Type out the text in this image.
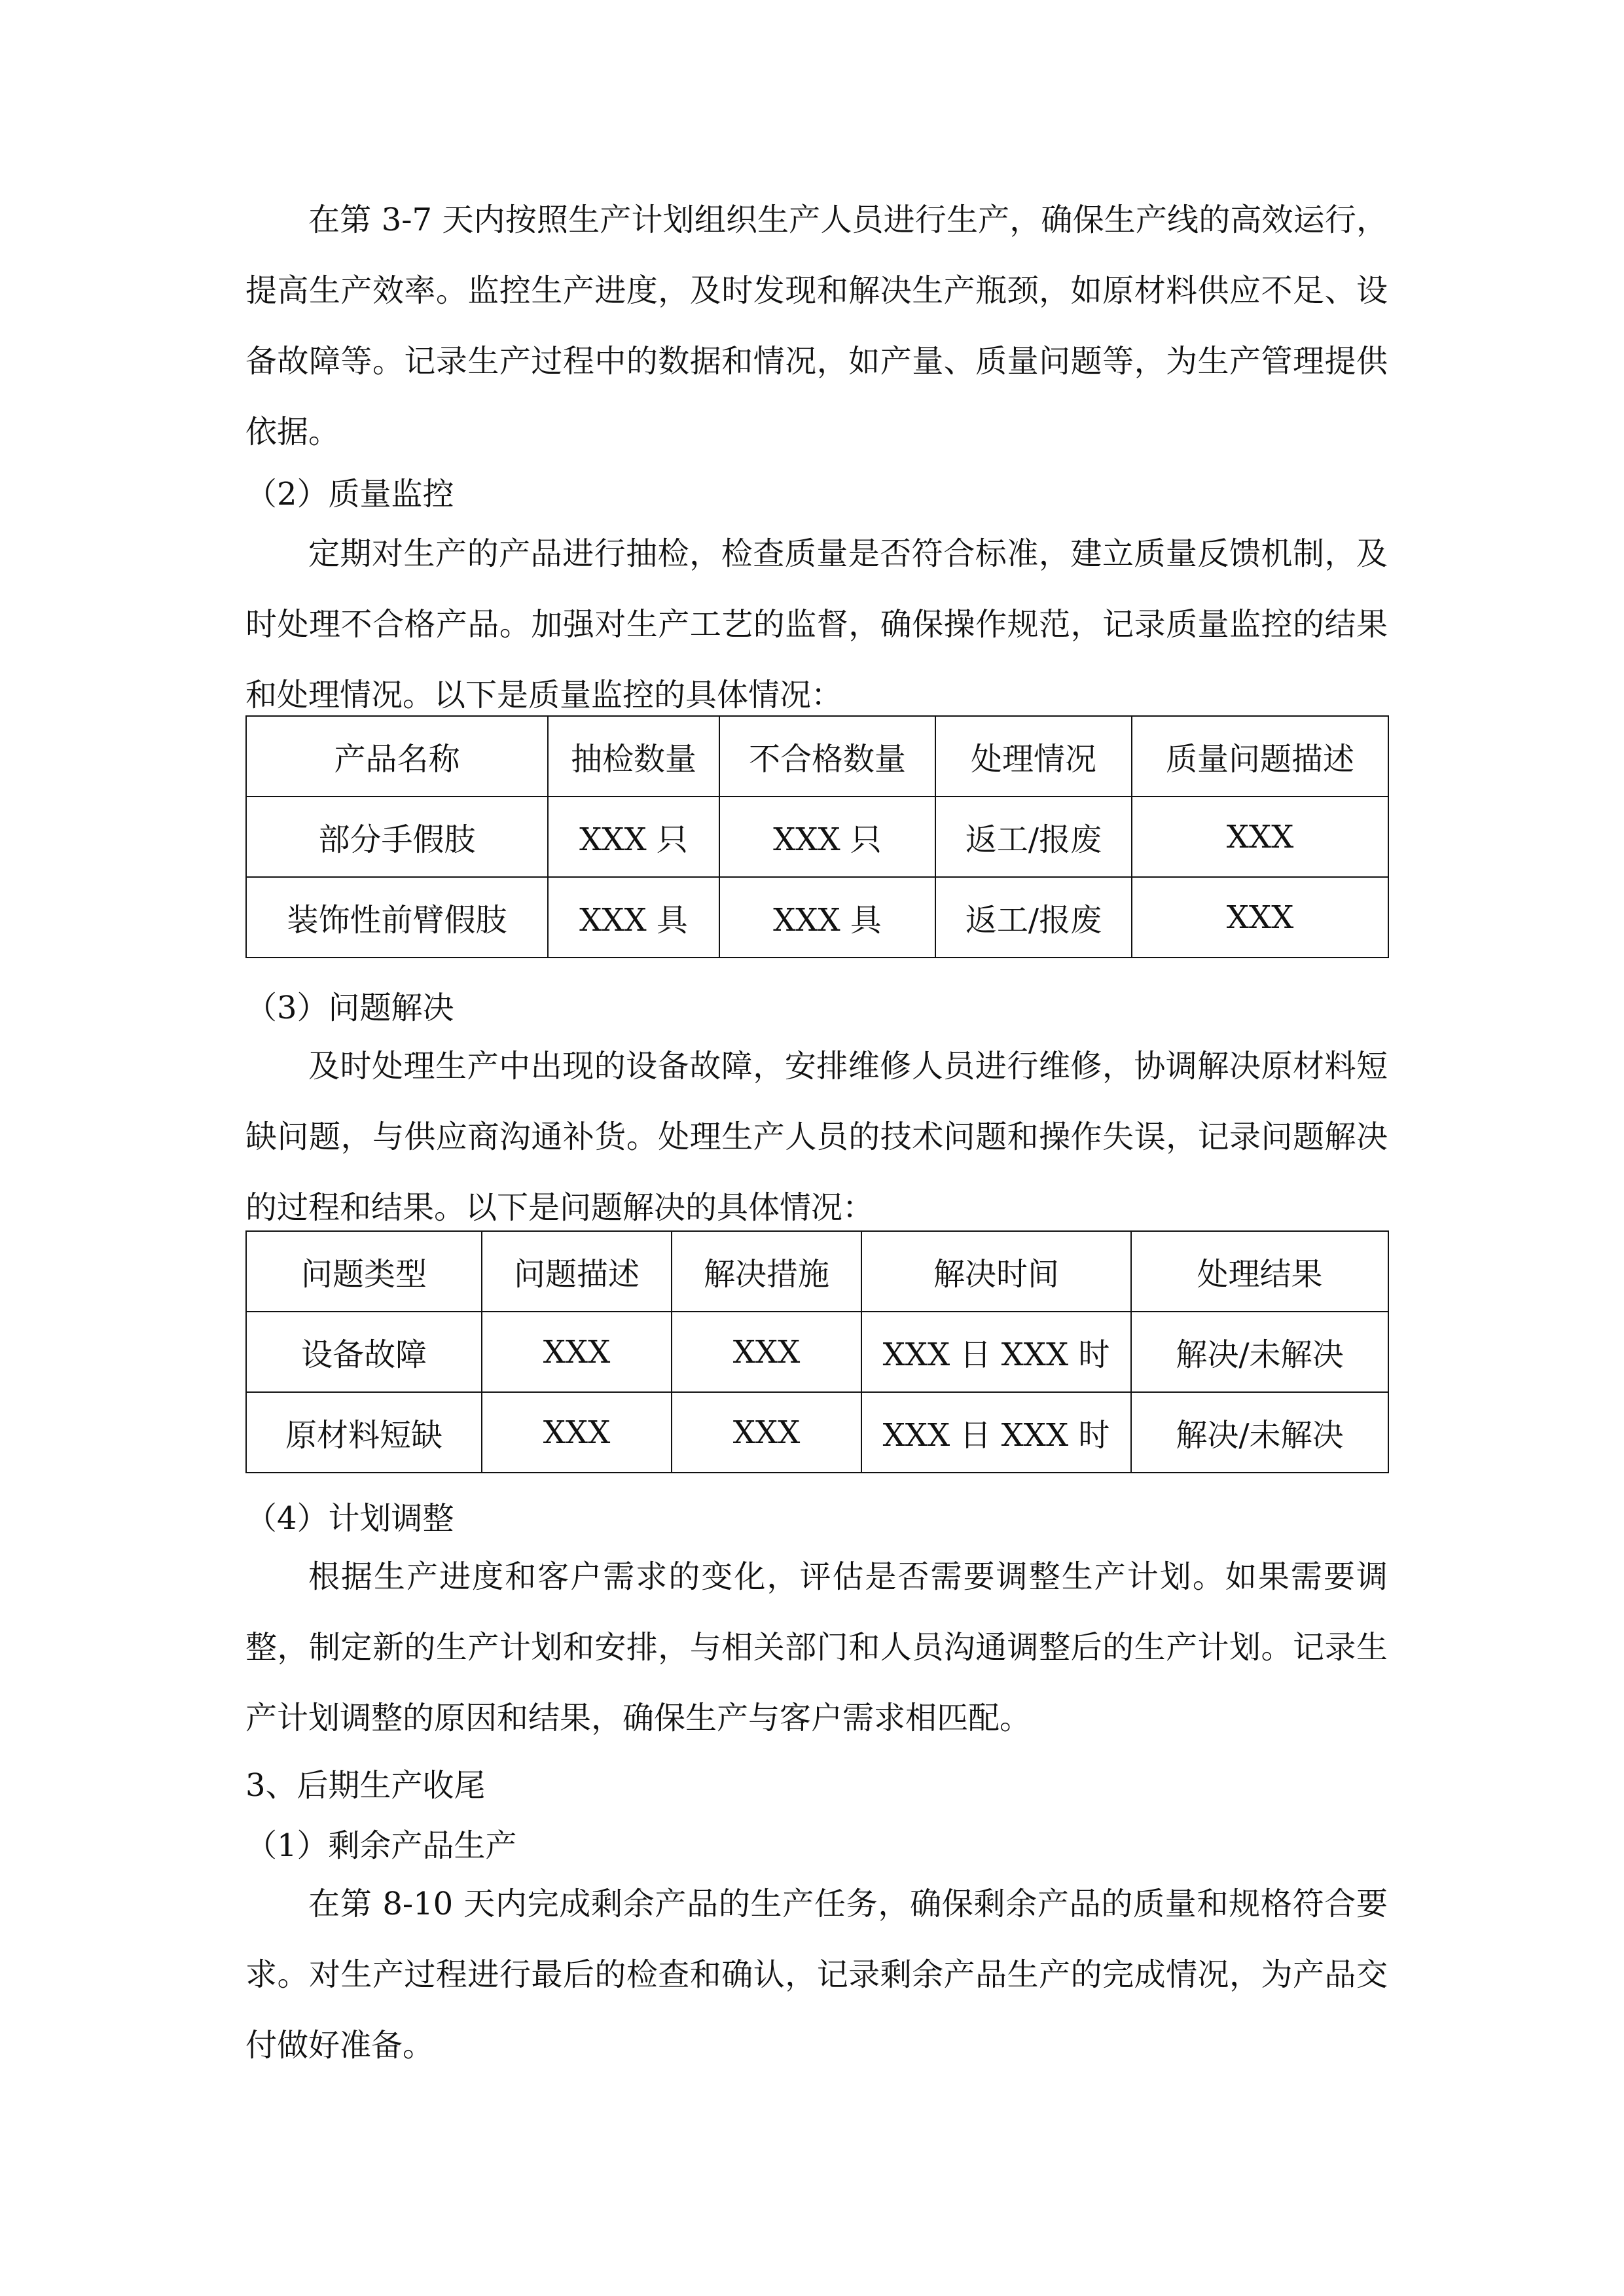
在第 3-7 天内按照生产计划组织生产人员进行生产，确保生产线的高效运行，提高生产效率。监控生产进度，及时发现和解决生产瓶颈，如原材料供应不足、设备故障等。记录生产过程中的数据和情况，如产量、质量问题等，为生产管理提供依据。

（2）质量监控

定期对生产的产品进行抽检，检查质量是否符合标准，建立质量反馈机制，及时处理不合格产品。加强对生产工艺的监督，确保操作规范，记录质量监控的结果和处理情况。以下是质量监控的具体情况：

产品名称	抽检数量	不合格数量	处理情况	质量问题描述
部分手假肢	XXX 只	XXX 只	返工/报废	XXX
装饰性前臂假肢	XXX 具	XXX 具	返工/报废	XXX
（3）问题解决

及时处理生产中出现的设备故障，安排维修人员进行维修，协调解决原材料短缺问题，与供应商沟通补货。处理生产人员的技术问题和操作失误，记录问题解决的过程和结果。以下是问题解决的具体情况：

问题类型	问题描述	解决措施	解决时间	处理结果
设备故障	XXX	XXX	XXX 日 XXX 时	解决/未解决
原材料短缺	XXX	XXX	XXX 日 XXX 时	解决/未解决
（4）计划调整

根据生产进度和客户需求的变化，评估是否需要调整生产计划。如果需要调整，制定新的生产计划和安排，与相关部门和人员沟通调整后的生产计划。记录生产计划调整的原因和结果，确保生产与客户需求相匹配。

3、后期生产收尾
（1）剩余产品生产

在第 8-10 天内完成剩余产品的生产任务，确保剩余产品的质量和规格符合要求。对生产过程进行最后的检查和确认，记录剩余产品生产的完成情况，为产品交付做好准备。
